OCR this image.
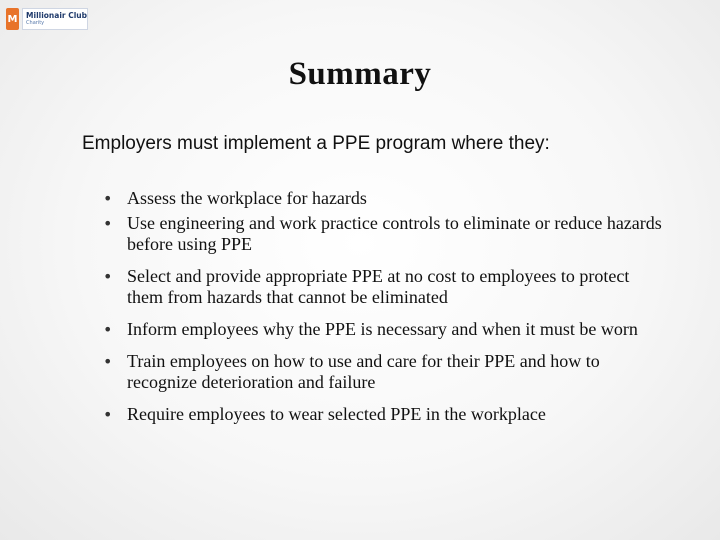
M Millionair Club
Charity
Summary
Employers must implement a PPE program where they:
• Assess the workplace for hazards
• Use engineering and work practice controls to eliminate or reduce hazards before using PPE
• Select and provide appropriate PPE at no cost to employees to protect them from hazards that cannot be eliminated
• Inform employees why the PPE is necessary and when it must be worn
• Train employees on how to use and care for their PPE and how to recognize deterioration and failure
• Require employees to wear selected PPE in the workplace
